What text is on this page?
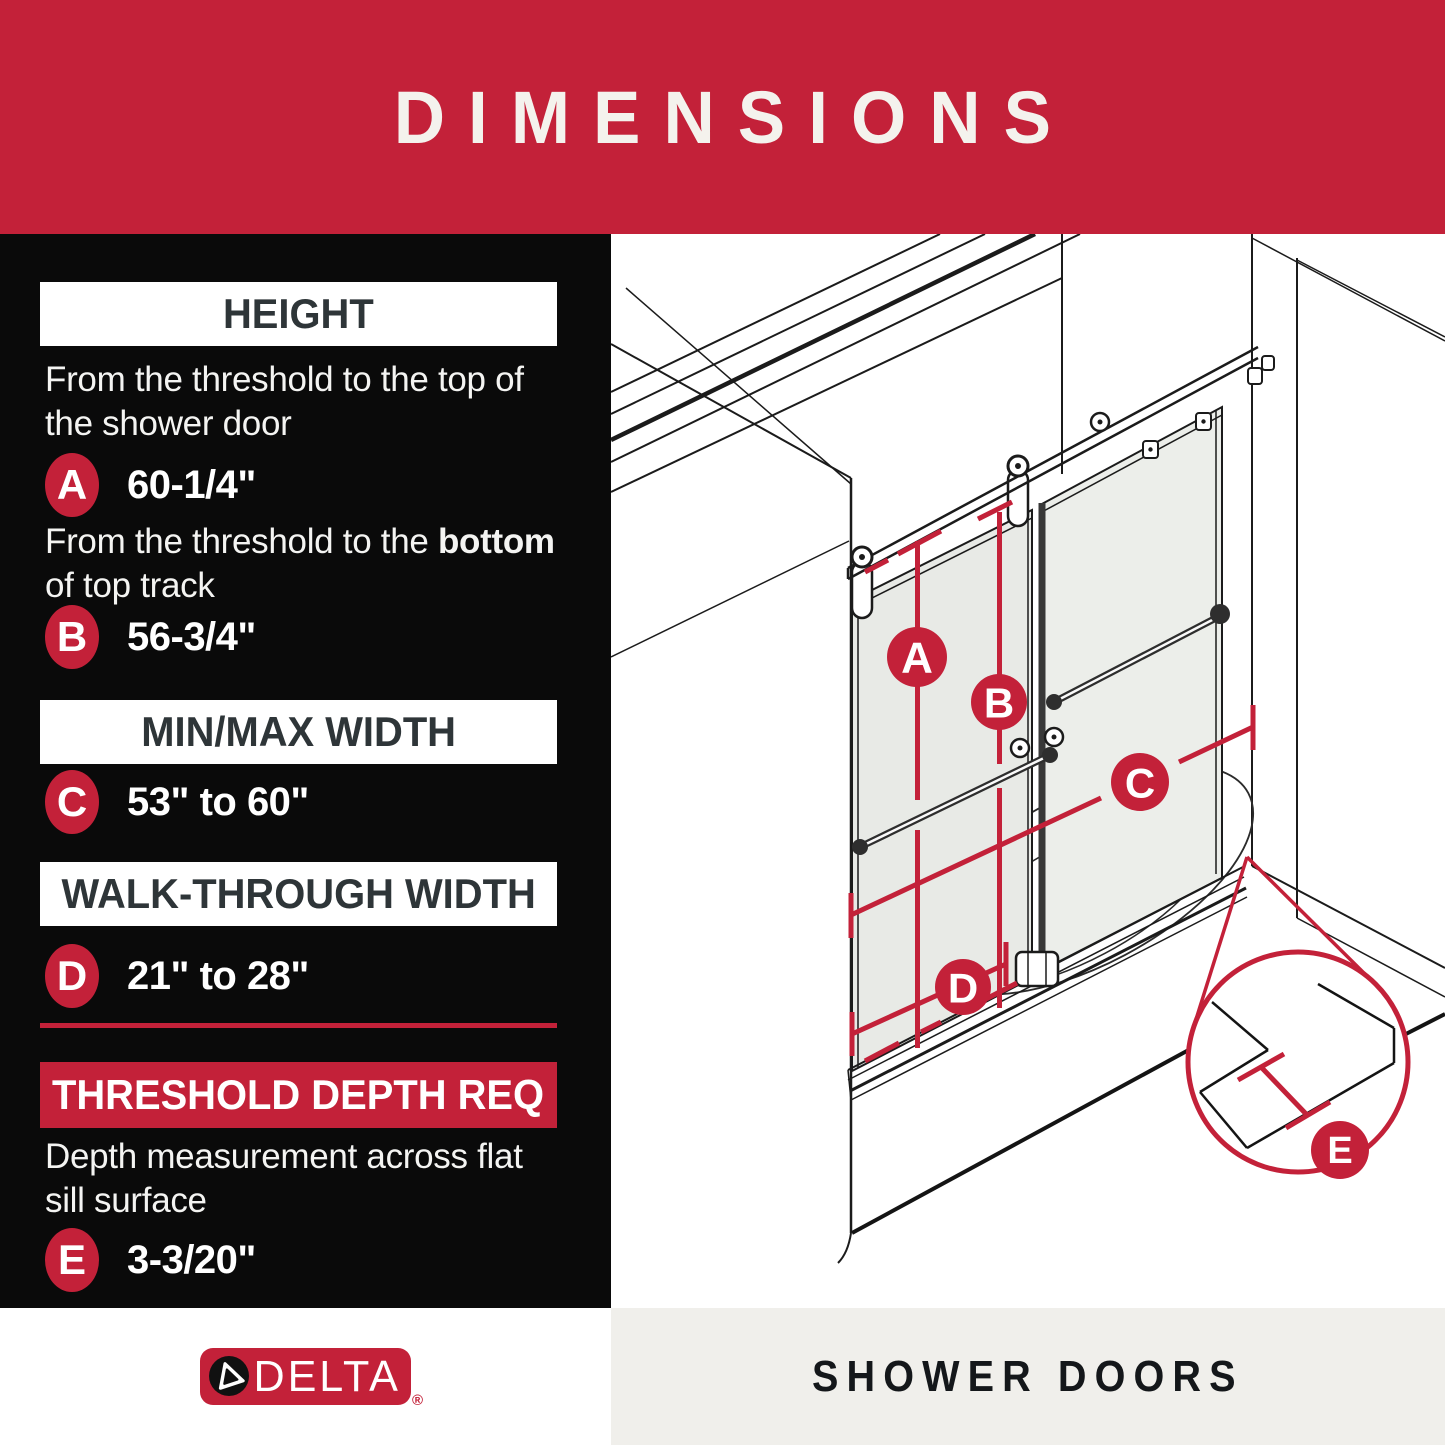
DIMENSIONS
HEIGHT
From the threshold to the top of
the shower door
A 60-1/4"
From the threshold to the bottom
of top track
B 56-3/4"
MIN/MAX WIDTH
C 53" to 60"
WALK-THROUGH WIDTH
D 21" to 28"
THRESHOLD DEPTH REQ
Depth measurement across flat
sill surface
E	3-3/20"
A
B
C
D
E
DELTA ®	SHOWER DOORS
